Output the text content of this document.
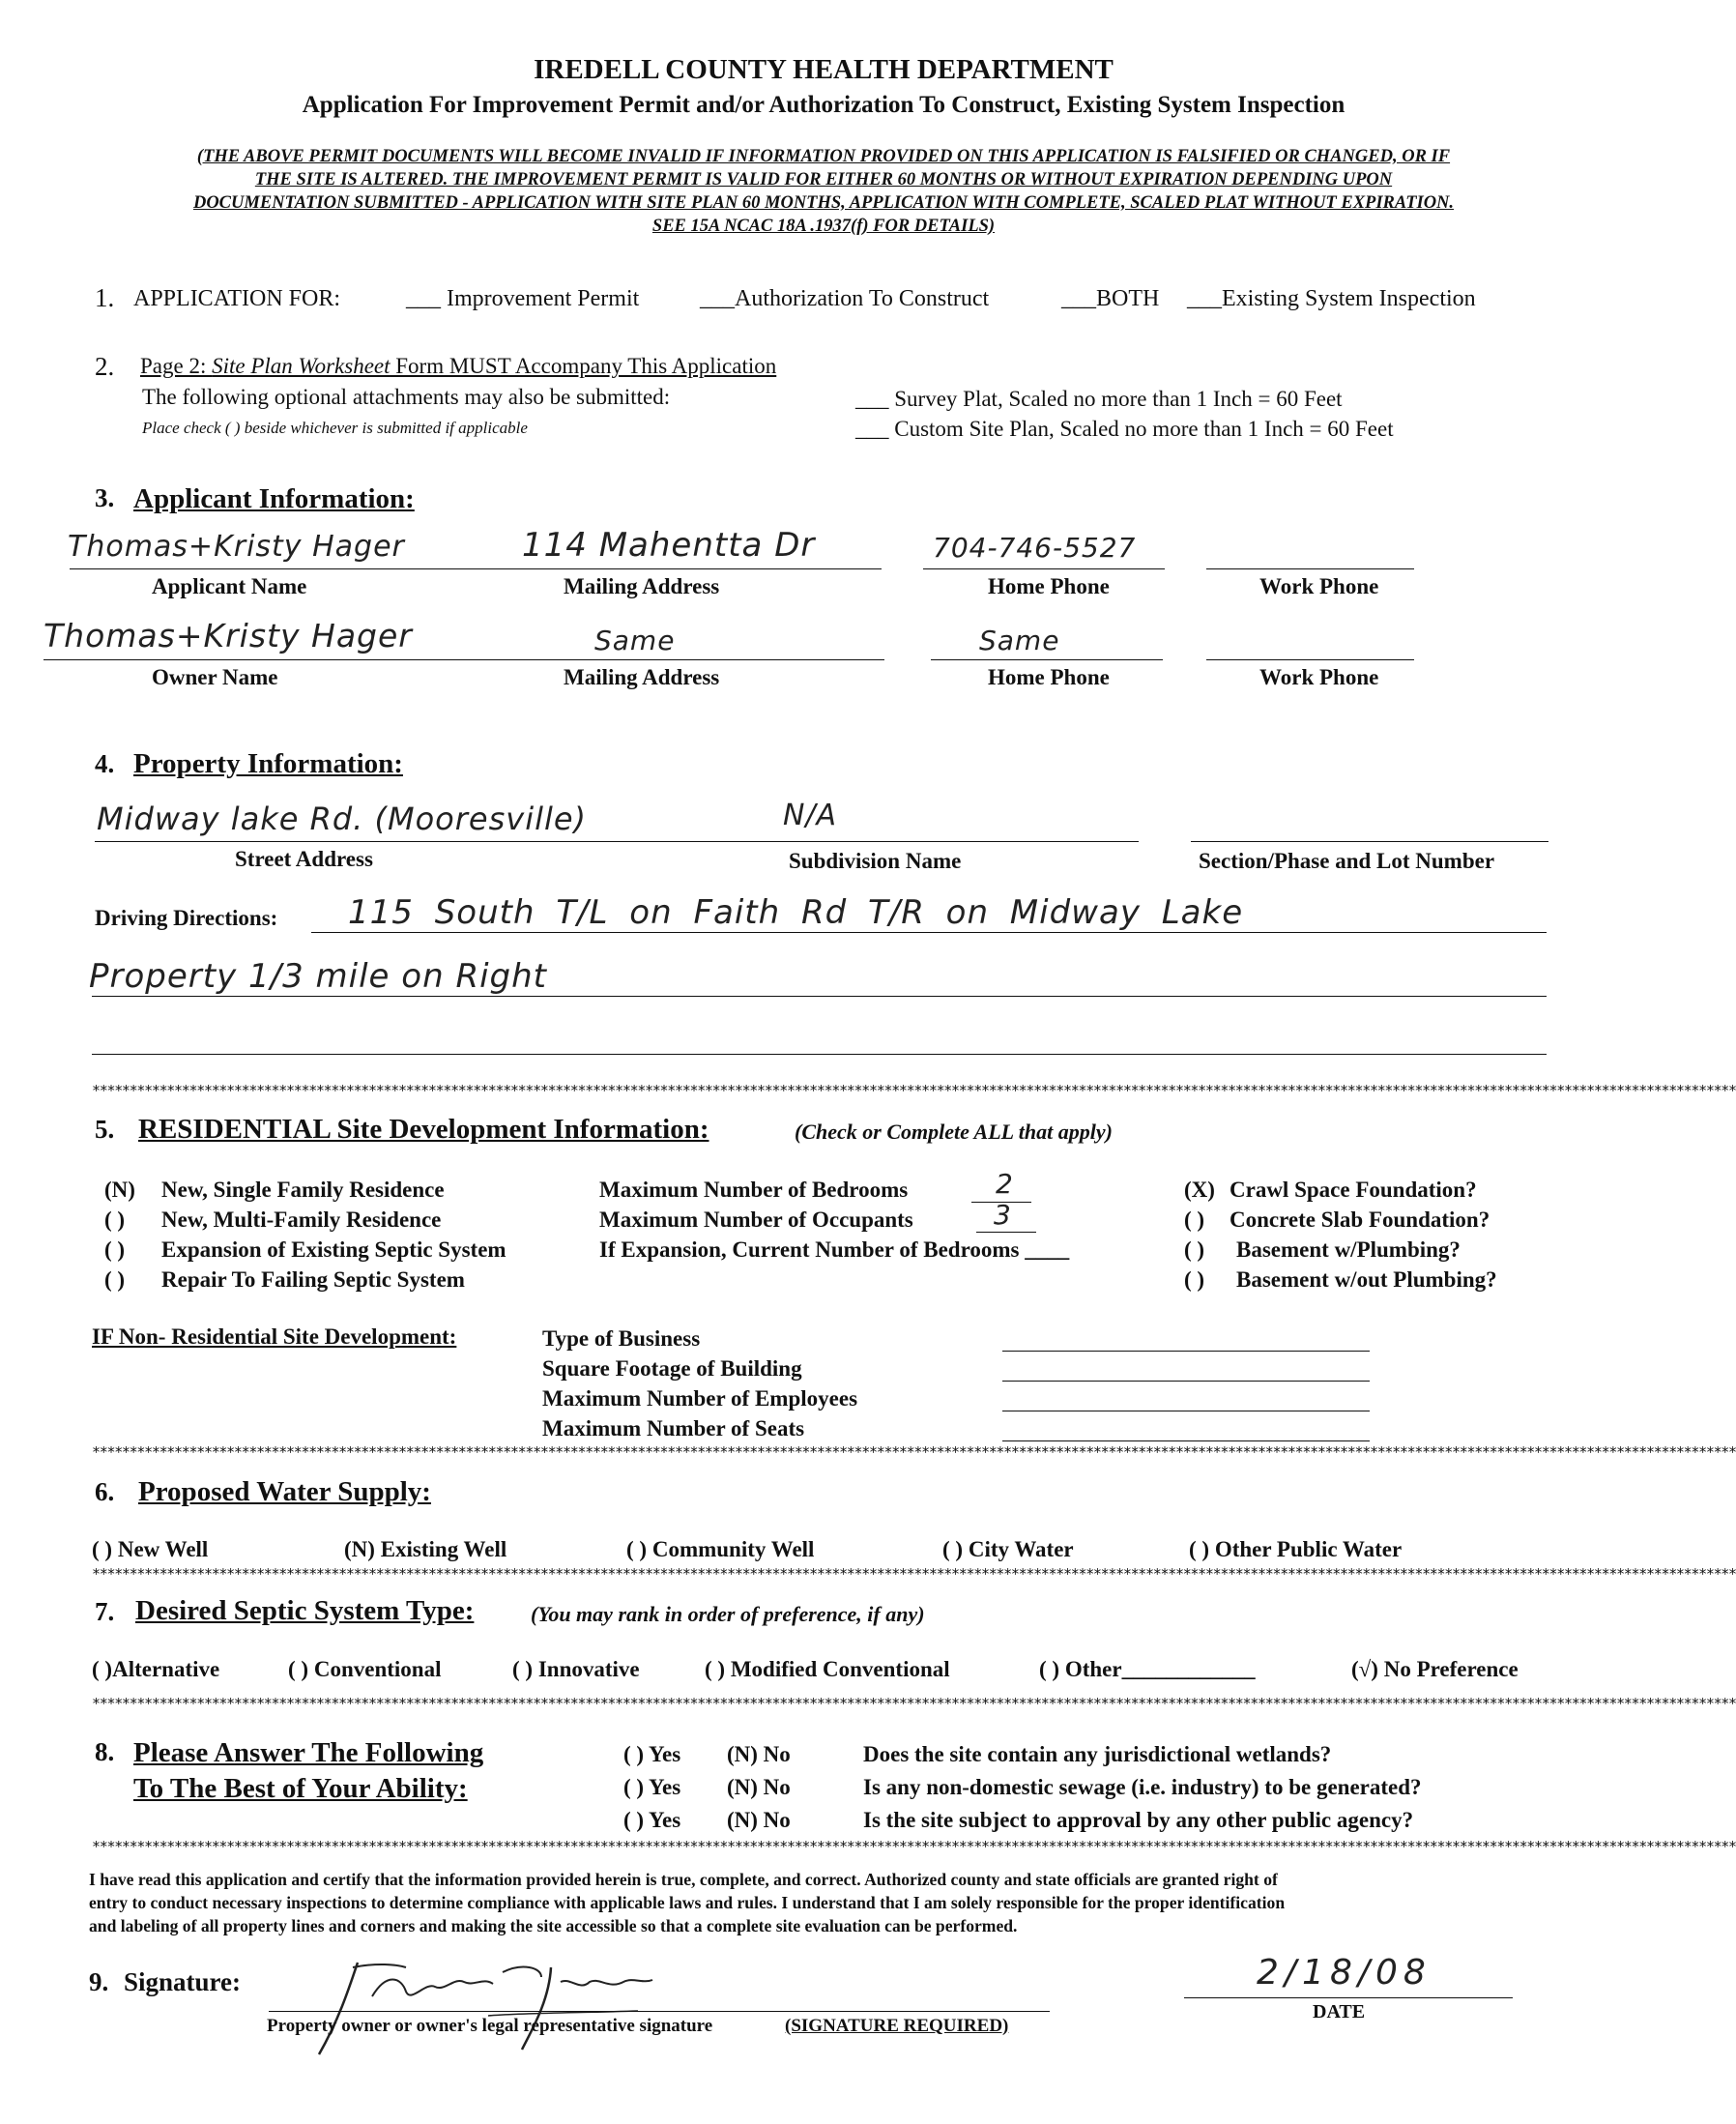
IREDELL COUNTY HEALTH DEPARTMENT
Application For Improvement Permit and/or Authorization To Construct, Existing System Inspection
(THE ABOVE PERMIT DOCUMENTS WILL BECOME INVALID IF INFORMATION PROVIDED ON THIS APPLICATION IS FALSIFIED OR CHANGED, OR IF
THE SITE IS ALTERED. THE IMPROVEMENT PERMIT IS VALID FOR EITHER 60 MONTHS OR WITHOUT EXPIRATION DEPENDING UPON
DOCUMENTATION SUBMITTED - APPLICATION WITH SITE PLAN 60 MONTHS, APPLICATION WITH COMPLETE, SCALED PLAT WITHOUT EXPIRATION.
SEE 15A NCAC 18A .1937(f) FOR DETAILS)
1. APPLICATION FOR:	___ Improvement Permit	___Authorization To Construct	___BOTH ___Existing System Inspection
2. Page 2: Site Plan Worksheet Form MUST Accompany This Application
The following optional attachments may also be submitted:
Place check ( ) beside whichever is submitted if applicable
___ Survey Plat, Scaled no more than 1 Inch = 60 Feet
___ Custom Site Plan, Scaled no more than 1 Inch = 60 Feet
3. Applicant Information:
Thomas+Kristy Hager	114 Mahentta Dr	704-746-5527
Applicant Name	Mailing Address	Home Phone	Work Phone
Thomas+Kristy Hager	Same	Same
Owner Name	Mailing Address	Home Phone	Work Phone
4. Property Information:
Midway lake Rd. (Mooresville)	N/A
Street Address	Subdivision Name	Section/Phase and Lot Number
Driving Directions: 115 South T/L on Faith Rd T/R on Midway Lake
Property 1/3 mile on Right
****************************************************************************************************************************************************************************************************************************
5. RESIDENTIAL Site Development Information:	(Check or Complete ALL that apply)
(N) New, Single Family Residence
( ) New, Multi-Family Residence
( ) Expansion of Existing Septic System
( ) Repair To Failing Septic System
Maximum Number of Bedrooms	2
Maximum Number of Occupants	3
If Expansion, Current Number of Bedrooms ____
(X) Crawl Space Foundation?
( ) Concrete Slab Foundation?
( ) Basement w/Plumbing?
( ) Basement w/out Plumbing?
IF Non- Residential Site Development:	Type of Business
Square Footage of Building
Maximum Number of Employees
Maximum Number of Seats
****************************************************************************************************************************************************************************************************************************
6. Proposed Water Supply:
( ) New Well	(N) Existing Well	( ) Community Well	( ) City Water	( ) Other Public Water
****************************************************************************************************************************************************************************************************************************
7. Desired Septic System Type:	(You may rank in order of preference, if any)
( )Alternative	( ) Conventional	( ) Innovative	( ) Modified Conventional	( ) Other____________	(√) No Preference
****************************************************************************************************************************************************************************************************************************
8. Please Answer The Following
To The Best of Your Ability:
( ) Yes (N) No	Does the site contain any jurisdictional wetlands?
( ) Yes (N) No	Is any non-domestic sewage (i.e. industry) to be generated?
( ) Yes (N) No	Is the site subject to approval by any other public agency?
****************************************************************************************************************************************************************************************************************************
I have read this application and certify that the information provided herein is true, complete, and correct. Authorized county and state officials are granted right of
entry to conduct necessary inspections to determine compliance with applicable laws and rules. I understand that I am solely responsible for the proper identification
and labeling of all property lines and corners and making the site accessible so that a complete site evaluation can be performed.
9. Signature:
Property owner or owner's legal representative signature	(SIGNATURE REQUIRED)
2/18/08
DATE
